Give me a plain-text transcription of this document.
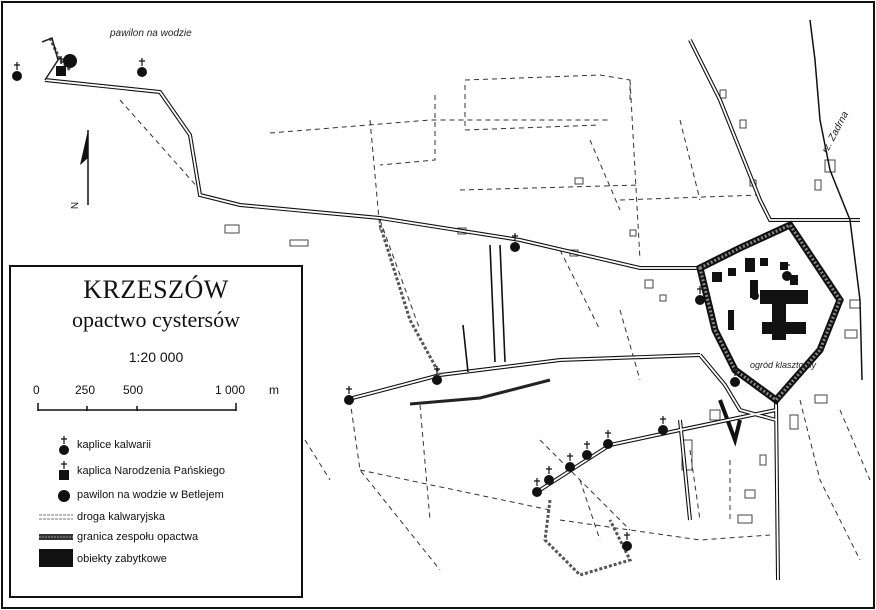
pawilon na wodzie
rz. Zadrna
ogród klasztorny
N
KRZESZÓW
opactwo cystersów
1:20 000
0	250 500	1 000 m
kaplice kalwarii
kaplica Narodzenia Pańskiego
pawilon na wodzie w Betlejem
droga kalwaryjska
granica zespołu opactwa
obiekty zabytkowe
